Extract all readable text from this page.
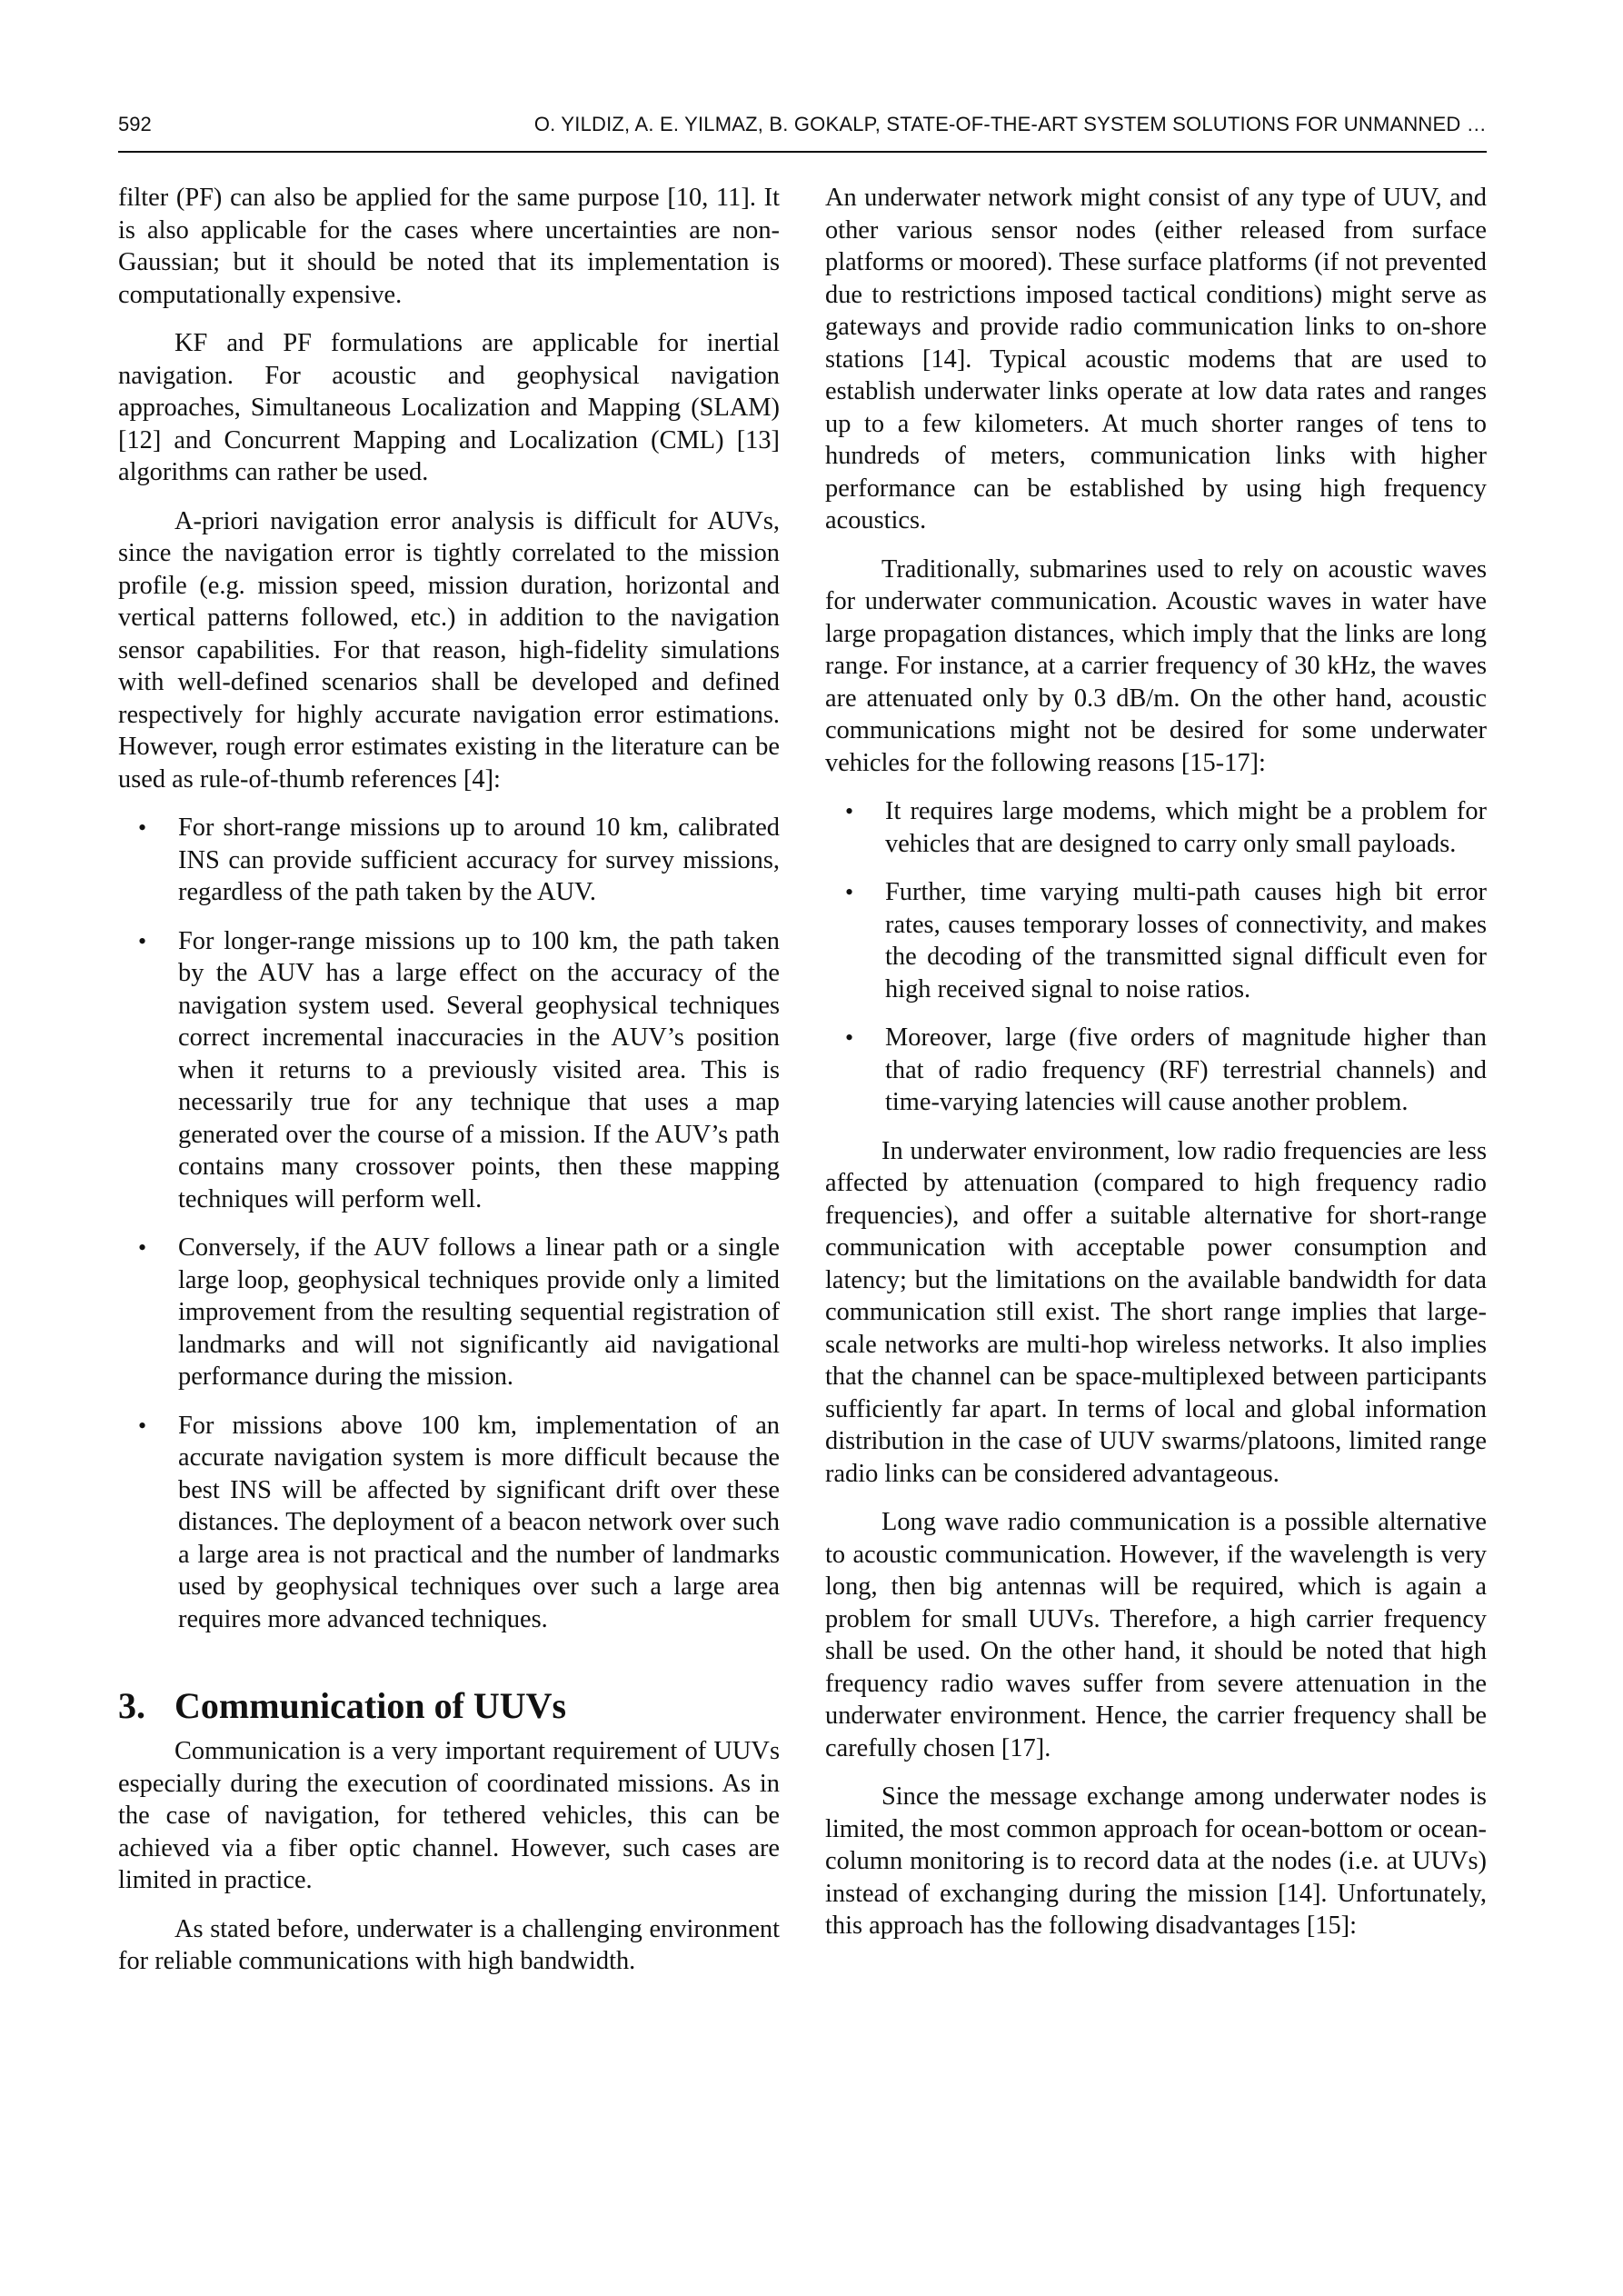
592	O. YILDIZ, A. E. YILMAZ, B. GOKALP, STATE-OF-THE-ART SYSTEM SOLUTIONS FOR UNMANNED …

filter (PF) can also be applied for the same purpose [10, 11]. It is also applicable for the cases where uncertainties are non-Gaussian; but it should be noted that its implementation is computationally expensive.

KF and PF formulations are applicable for inertial navigation. For acoustic and geophysical navigation approaches, Simultaneous Localization and Mapping (SLAM) [12] and Concurrent Mapping and Localization (CML) [13] algorithms can rather be used.

A-priori navigation error analysis is difficult for AUVs, since the navigation error is tightly correlated to the mission profile (e.g. mission speed, mission duration, horizontal and vertical patterns followed, etc.) in addition to the navigation sensor capabilities. For that reason, high-fidelity simulations with well-defined scenarios shall be developed and defined respectively for highly accurate navigation error estimations. However, rough error estimates existing in the literature can be used as rule-of-thumb references [4]:

• For short-range missions up to around 10 km, calibrated INS can provide sufficient accuracy for survey missions, regardless of the path taken by the AUV.
• For longer-range missions up to 100 km, the path taken by the AUV has a large effect on the accuracy of the navigation system used. Several geophysical techniques correct incremental inaccuracies in the AUV’s position when it returns to a previously visited area. This is necessarily true for any technique that uses a map generated over the course of a mission. If the AUV’s path contains many crossover points, then these mapping techniques will perform well.
• Conversely, if the AUV follows a linear path or a single large loop, geophysical techniques provide only a limited improvement from the resulting sequential registration of landmarks and will not significantly aid navigational performance during the mission.
• For missions above 100 km, implementation of an accurate navigation system is more difficult because the best INS will be affected by significant drift over these distances. The deployment of a beacon network over such a large area is not practical and the number of landmarks used by geophysical techniques over such a large area requires more advanced techniques.
3. Communication of UUVs

Communication is a very important requirement of UUVs especially during the execution of coordinated missions. As in the case of navigation, for tethered vehicles, this can be achieved via a fiber optic channel. However, such cases are limited in practice.

As stated before, underwater is a challenging environment for reliable communications with high bandwidth.

An underwater network might consist of any type of UUV, and other various sensor nodes (either released from surface platforms or moored). These surface platforms (if not prevented due to restrictions imposed tactical conditions) might serve as gateways and provide radio communication links to on-shore stations [14]. Typical acoustic modems that are used to establish underwater links operate at low data rates and ranges up to a few kilometers. At much shorter ranges of tens to hundreds of meters, communication links with higher performance can be established by using high frequency acoustics.

Traditionally, submarines used to rely on acoustic waves for underwater communication. Acoustic waves in water have large propagation distances, which imply that the links are long range. For instance, at a carrier frequency of 30 kHz, the waves are attenuated only by 0.3 dB/m. On the other hand, acoustic communications might not be desired for some underwater vehicles for the following reasons [15-17]:

• It requires large modems, which might be a problem for vehicles that are designed to carry only small payloads.
• Further, time varying multi-path causes high bit error rates, causes temporary losses of connectivity, and makes the decoding of the transmitted signal difficult even for high received signal to noise ratios.
• Moreover, large (five orders of magnitude higher than that of radio frequency (RF) terrestrial channels) and time-varying latencies will cause another problem.

In underwater environment, low radio frequencies are less affected by attenuation (compared to high frequency radio frequencies), and offer a suitable alternative for short-range communication with acceptable power consumption and latency; but the limitations on the available bandwidth for data communication still exist. The short range implies that large-scale networks are multi-hop wireless networks. It also implies that the channel can be space-multiplexed between participants sufficiently far apart. In terms of local and global information distribution in the case of UUV swarms/platoons, limited range radio links can be considered advantageous.

Long wave radio communication is a possible alternative to acoustic communication. However, if the wavelength is very long, then big antennas will be required, which is again a problem for small UUVs. Therefore, a high carrier frequency shall be used. On the other hand, it should be noted that high frequency radio waves suffer from severe attenuation in the underwater environment. Hence, the carrier frequency shall be carefully chosen [17].

Since the message exchange among underwater nodes is limited, the most common approach for ocean-bottom or ocean-column monitoring is to record data at the nodes (i.e. at UUVs) instead of exchanging during the mission [14]. Unfortunately, this approach has the following disadvantages [15]:
